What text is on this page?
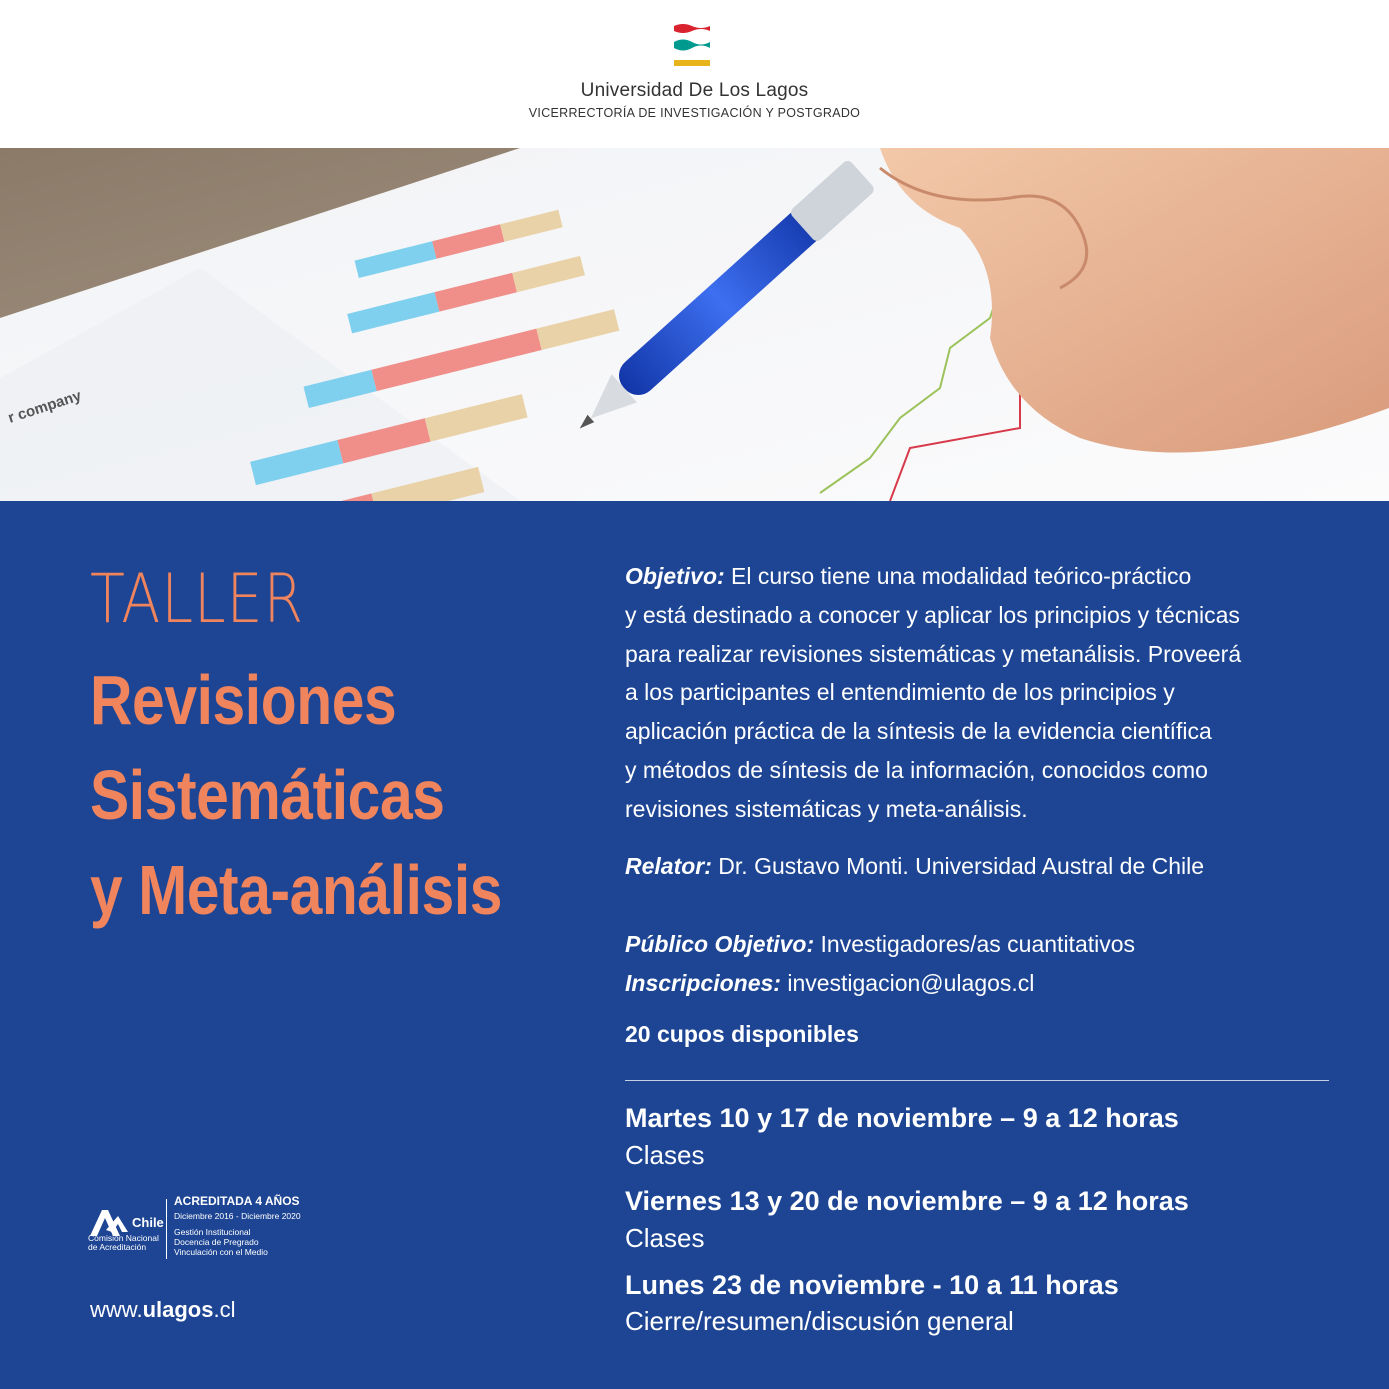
Universidad De Los Lagos
VICERRECTORÍA DE INVESTIGACIÓN Y POSTGRADO
r company
TALLER
Revisiones
Sistemáticas
y Meta-análisis
Objetivo: El curso tiene una modalidad teórico-práctico
y está destinado a conocer y aplicar los principios y técnicas
para realizar revisiones sistemáticas y metanálisis. Proveerá
a los participantes el entendimiento de los principios y
aplicación práctica de la síntesis de la evidencia científica
y métodos de síntesis de la información, conocidos como
revisiones sistemáticas y meta-análisis.
Relator: Dr. Gustavo Monti. Universidad Austral de Chile
Público Objetivo: Investigadores/as cuantitativos
Inscripciones: investigacion@ulagos.cl
20 cupos disponibles
Martes 10 y 17 de noviembre – 9 a 12 horas
Clases
Viernes 13 y 20 de noviembre – 9 a 12 horas
Clases
Lunes 23 de noviembre - 10 a 11 horas
Cierre/resumen/discusión general
Chile
Comisión Nacional
de Acreditación
ACREDITADA 4 AÑOS
Diciembre 2016 - Diciembre 2020
Gestión Institucional
Docencia de Pregrado
Vinculación con el Medio
www.ulagos.cl
